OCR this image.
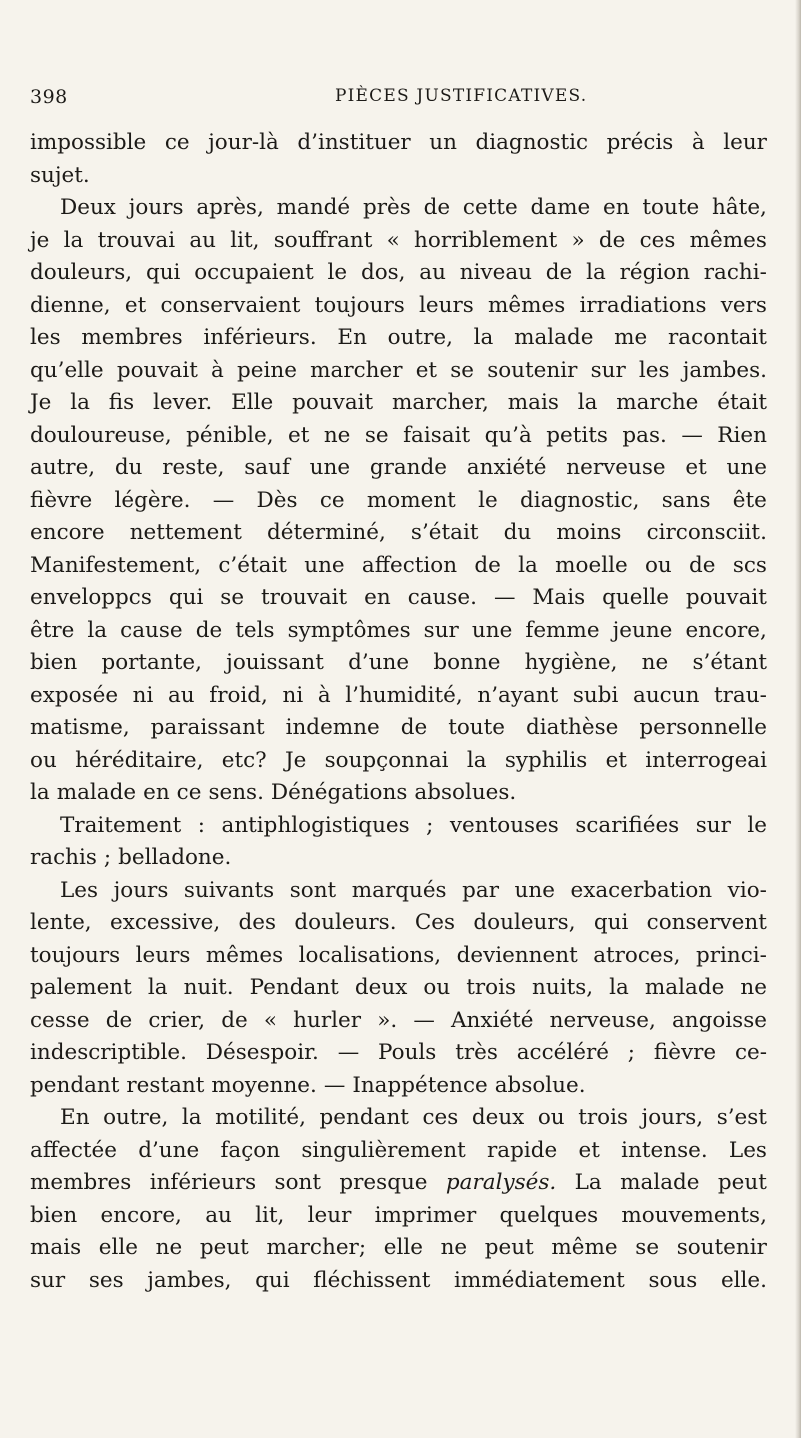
398	PIÈCES JUSTIFICATIVES.
impossible ce jour-là d’instituer un diagnostic précis à leur
sujet.
Deux jours après, mandé près de cette dame en toute hâte,
je la trouvai au lit, souffrant « horriblement » de ces mêmes
douleurs, qui occupaient le dos, au niveau de la région rachi-
dienne, et conservaient toujours leurs mêmes irradiations vers
les membres inférieurs. En outre, la malade me racontait
qu’elle pouvait à peine marcher et se soutenir sur les jambes.
Je la fis lever. Elle pouvait marcher, mais la marche était
douloureuse, pénible, et ne se faisait qu’à petits pas. — Rien
autre, du reste, sauf une grande anxiété nerveuse et une
fièvre légère. — Dès ce moment le diagnostic, sans ête
encore nettement déterminé, s’était du moins circonsciit.
Manifestement, c’était une affection de la moelle ou de scs
enveloppcs qui se trouvait en cause. — Mais quelle pouvait
être la cause de tels symptômes sur une femme jeune encore,
bien portante, jouissant d’une bonne hygiène, ne s’étant
exposée ni au froid, ni à l’humidité, n’ayant subi aucun trau-
matisme, paraissant indemne de toute diathèse personnelle
ou héréditaire, etc? Je soupçonnai la syphilis et interrogeai
la malade en ce sens. Dénégations absolues.
Traitement : antiphlogistiques ; ventouses scarifiées sur le
rachis ; belladone.
Les jours suivants sont marqués par une exacerbation vio-
lente, excessive, des douleurs. Ces douleurs, qui conservent
toujours leurs mêmes localisations, deviennent atroces, princi-
palement la nuit. Pendant deux ou trois nuits, la malade ne
cesse de crier, de « hurler ». — Anxiété nerveuse, angoisse
indescriptible. Désespoir. — Pouls très accéléré ; fièvre ce-
pendant restant moyenne. — Inappétence absolue.
En outre, la motilité, pendant ces deux ou trois jours, s’est
affectée d’une façon singulièrement rapide et intense. Les
membres inférieurs sont presque paralysés. La malade peut
bien encore, au lit, leur imprimer quelques mouvements,
mais elle ne peut marcher; elle ne peut même se soutenir
sur ses jambes, qui fléchissent immédiatement sous elle.
